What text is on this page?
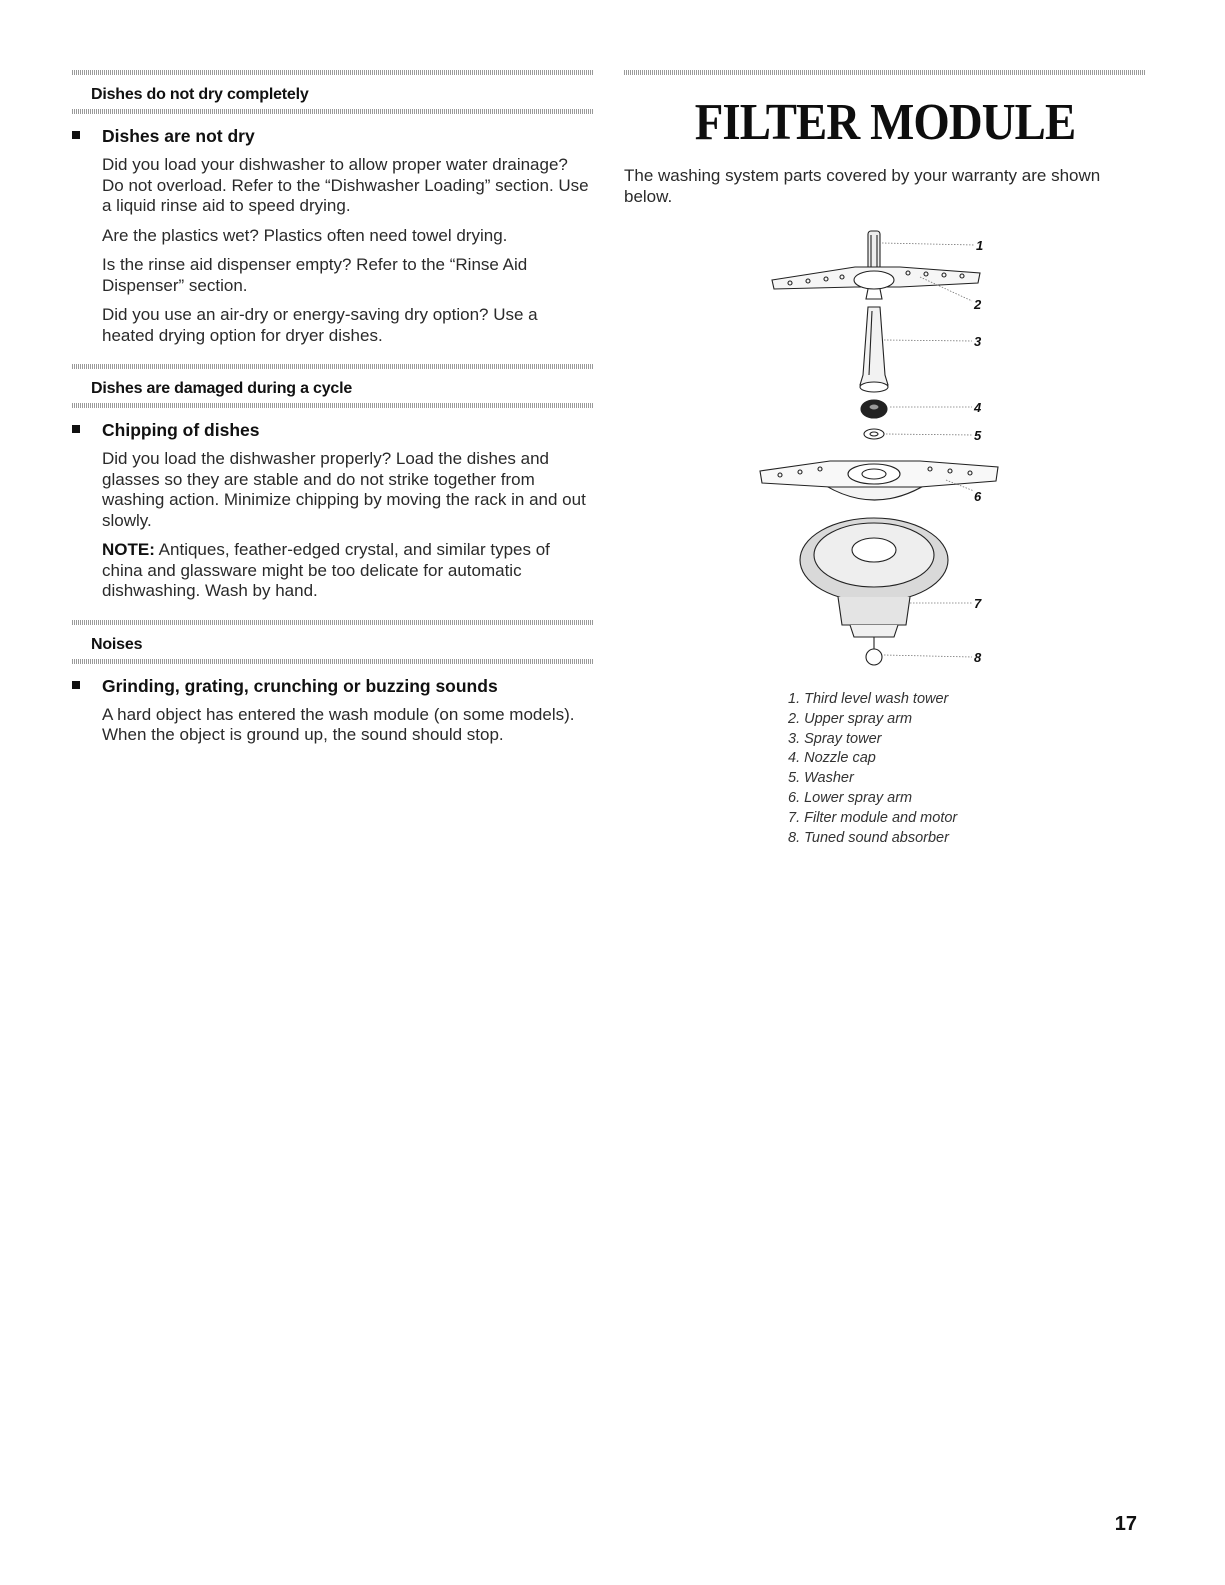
Dishes do not dry completely
Dishes are not dry

Did you load your dishwasher to allow proper water drainage? Do not overload. Refer to the “Dishwasher Loading” section. Use a liquid rinse aid to speed drying.

Are the plastics wet? Plastics often need towel drying.

Is the rinse aid dispenser empty? Refer to the “Rinse Aid Dispenser” section.

Did you use an air-dry or energy-saving dry option? Use a heated drying option for dryer dishes.

Dishes are damaged during a cycle
Chipping of dishes

Did you load the dishwasher properly? Load the dishes and glasses so they are stable and do not strike together from washing action. Minimize chipping by moving the rack in and out slowly.

NOTE: Antiques, feather-edged crystal, and similar types of china and glassware might be too delicate for automatic dishwashing. Wash by hand.

Noises
Grinding, grating, crunching or buzzing sounds

A hard object has entered the wash module (on some models). When the object is ground up, the sound should stop.

FILTER MODULE

The washing system parts covered by your warranty are shown below.

1
2
3
4
5
6
7
8
1. Third level wash tower
2. Upper spray arm
3. Spray tower
4. Nozzle cap
5. Washer
6. Lower spray arm
7. Filter module and motor
8. Tuned sound absorber
17
